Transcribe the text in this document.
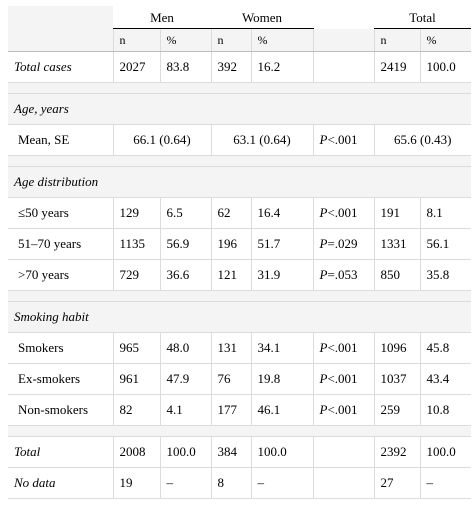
	Men		Women			Total	
	n	%	n	%		n	%
Total cases	2027	83.8	392	16.2		2419	100.0

Age, years							
Mean, SE	66.1 (0.64)		63.1 (0.64)		P<.001	65.6 (0.43)	

Age distribution							
≤50 years	129	6.5	62	16.4	P<.001	191	8.1
51–70 years	1135	56.9	196	51.7	P=.029	1331	56.1
>70 years	729	36.6	121	31.9	P=.053	850	35.8

Smoking habit							
Smokers	965	48.0	131	34.1	P<.001	1096	45.8
Ex-smokers	961	47.9	76	19.8	P<.001	1037	43.4
Non-smokers	82	4.1	177	46.1	P<.001	259	10.8

Total	2008	100.0	384	100.0		2392	100.0
No data	19	–	8	–		27	–
